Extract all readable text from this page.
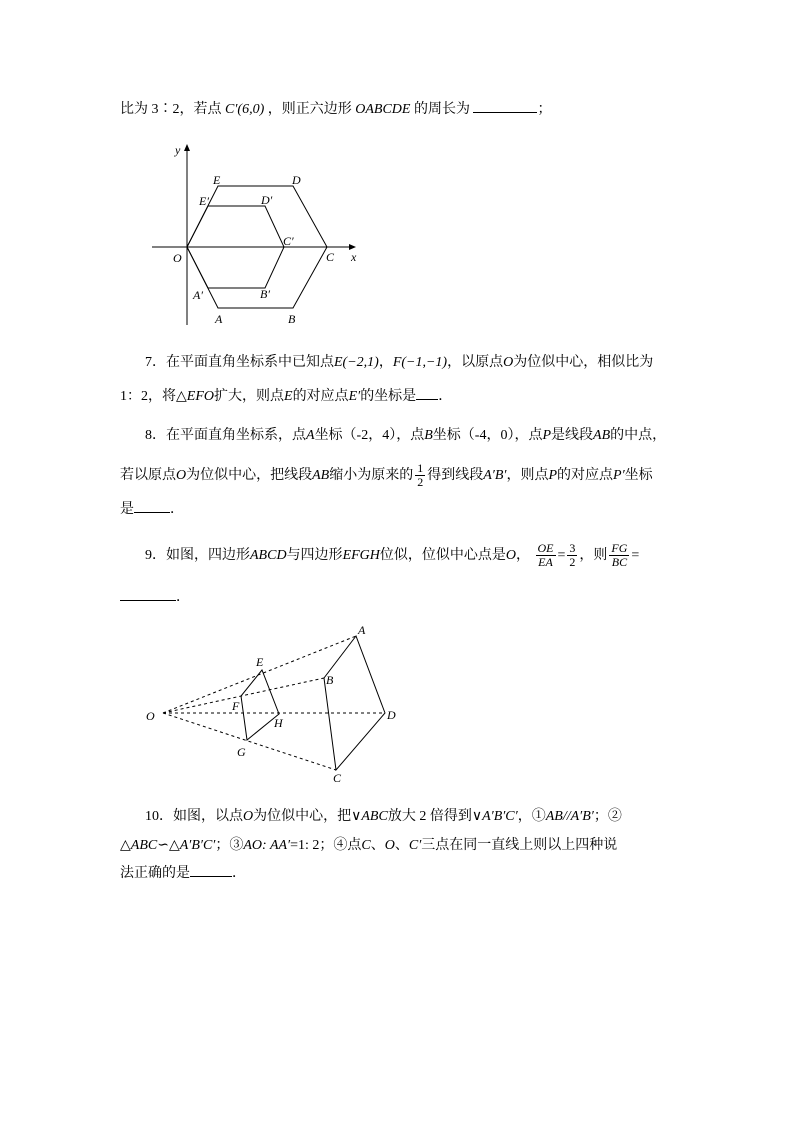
比为 3∶2，若点 C′(6,0) ，则正六边形 OABCDE 的周长为	；
y
x
O
E	D
E′	D′
C′
C
A′	B′
A	B
7．在平面直角坐标系中已知点E(−2,1)，F(−1,−1)，以原点O为位似中心，相似比为
1：2，将△EFO扩大，则点E的对应点E′的坐标是 ．
8．在平面直角坐标系，点A坐标（-2，4），点B坐标（-4，0），点P是线段AB的中点，
若以原点O为位似中心，把线段AB缩小为原来的 $\frac{1}{2}$ 得到线段A′B′，则点P的对应点P′坐标
是	．
9．如图，四边形ABCD与四边形EFGH位似，位似中心点是O， $\frac{OE}{EA} = \frac{3}{2}$ ，则 $\frac{FG}{BC}$ =
．
O
A
B
C
D
E
F
G
H
10．如图，以点O为位似中心，把∨ABC放大 2 倍得到∨A′B′C′，①AB//A′B′；②
△ABC∽△A′B′C′；③AO: AA′=1: 2；④点C、O、C′三点在同一直线上则以上四种说
法正确的是	．
